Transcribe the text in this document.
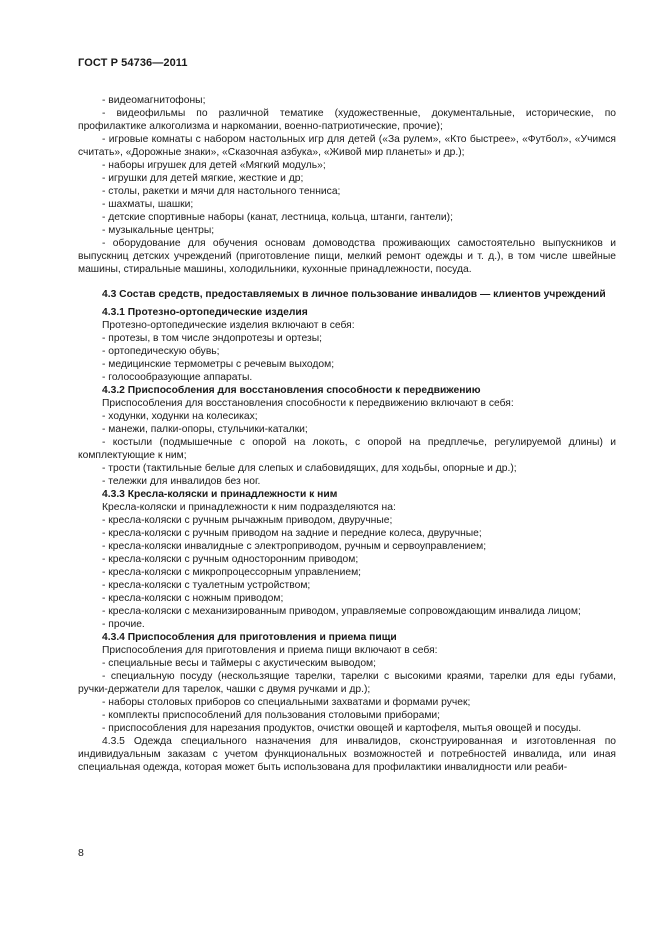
ГОСТ Р 54736—2011

- видеомагнитофоны;

- видеофильмы по различной тематике (художественные, документальные, исторические, по профилактике алкоголизма и наркомании, военно-патриотические, прочие);

- игровые комнаты с набором настольных игр для детей («За рулем», «Кто быстрее», «Футбол», «Учимся считать», «Дорожные знаки», «Сказочная азбука», «Живой мир планеты» и др.);

- наборы игрушек для детей «Мягкий модуль»;

- игрушки для детей мягкие, жесткие и др;

- столы, ракетки и мячи для настольного тенниса;

- шахматы, шашки;

- детские спортивные наборы (канат, лестница, кольца, штанги, гантели);

- музыкальные центры;

- оборудование для обучения основам домоводства проживающих самостоятельно выпускников и выпускниц детских учреждений (приготовление пищи, мелкий ремонт одежды и т. д.), в том числе швейные машины, стиральные машины, холодильники, кухонные принадлежности, посуда.

4.3 Состав средств, предоставляемых в личное пользование инвалидов — клиентов учреждений

4.3.1 Протезно-ортопедические изделия

Протезно-ортопедические изделия включают в себя:

- протезы, в том числе эндопротезы и ортезы;

- ортопедическую обувь;

- медицинские термометры с речевым выходом;

- голосообразующие аппараты.

4.3.2 Приспособления для восстановления способности к передвижению

Приспособления для восстановления способности к передвижению включают в себя:

- ходунки, ходунки на колесиках;

- манежи, палки-опоры, стульчики-каталки;

- костыли (подмышечные с опорой на локоть, с опорой на предплечье, регулируемой длины) и комплектующие к ним;

- трости (тактильные белые для слепых и слабовидящих, для ходьбы, опорные и др.);

- тележки для инвалидов без ног.

4.3.3 Кресла-коляски и принадлежности к ним

Кресла-коляски и принадлежности к ним подразделяются на:

- кресла-коляски с ручным рычажным приводом, двуручные;

- кресла-коляски с ручным приводом на задние и передние колеса, двуручные;

- кресла-коляски инвалидные с электроприводом, ручным и сервоуправлением;

- кресла-коляски с ручным односторонним приводом;

- кресла-коляски с микропроцессорным управлением;

- кресла-коляски с туалетным устройством;

- кресла-коляски с ножным приводом;

- кресла-коляски с механизированным приводом, управляемые сопровождающим инвалида лицом;

- прочие.

4.3.4 Приспособления для приготовления и приема пищи

Приспособления для приготовления и приема пищи включают в себя:

- специальные весы и таймеры с акустическим выводом;

- специальную посуду (нескользящие тарелки, тарелки с высокими краями, тарелки для еды губами, ручки-держатели для тарелок, чашки с двумя ручками и др.);

- наборы столовых приборов со специальными захватами и формами ручек;

- комплекты приспособлений для пользования столовыми приборами;

- приспособления для нарезания продуктов, очистки овощей и картофеля, мытья овощей и посуды.

4.3.5 Одежда специального назначения для инвалидов, сконструированная и изготовленная по индивидуальным заказам с учетом функциональных возможностей и потребностей инвалида, или иная специальная одежда, которая может быть использована для профилактики инвалидности или реаби-

8
